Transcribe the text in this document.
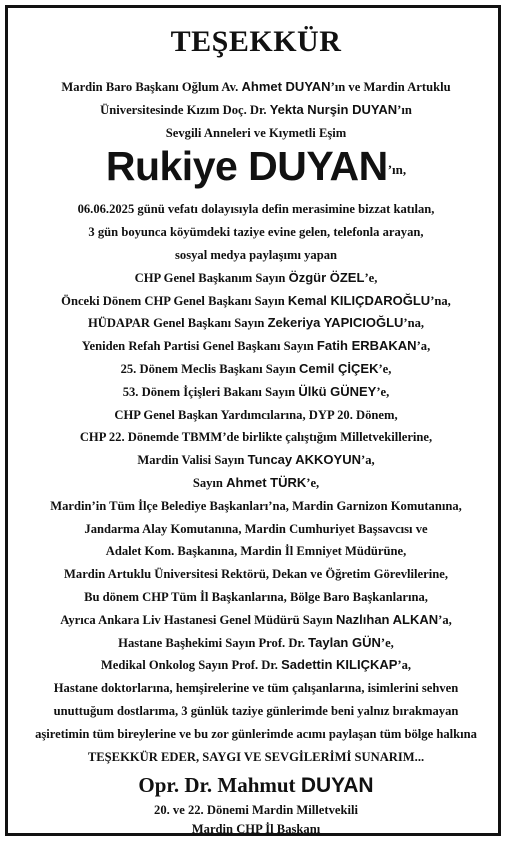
TEŞEKKÜR
Mardin Baro Başkanı Oğlum Av. Ahmet DUYAN’ın ve Mardin Artuklu
Üniversitesinde Kızım Doç. Dr. Yekta Nurşin DUYAN’ın
Sevgili Anneleri ve Kıymetli Eşim
Rukiye $DUYAN^{’ın,}$
06.06.2025 günü vefatı dolayısıyla defin merasimine bizzat katılan,
3 gün boyunca köyümdeki taziye evine gelen, telefonla arayan,
sosyal medya paylaşımı yapan
CHP Genel Başkanım Sayın Özgür ÖZEL’e,
Önceki Dönem CHP Genel Başkanı Sayın Kemal KILIÇDAROĞLU’na,
HÜDAPAR Genel Başkanı Sayın Zekeriya YAPICIOĞLU’na,
Yeniden Refah Partisi Genel Başkanı Sayın Fatih ERBAKAN’a,
25. Dönem Meclis Başkanı Sayın Cemil ÇİÇEK’e,
53. Dönem İçişleri Bakanı Sayın Ülkü GÜNEY’e,
CHP Genel Başkan Yardımcılarına, DYP 20. Dönem,
CHP 22. Dönemde TBMM’de birlikte çalıştığım Milletvekillerine,
Mardin Valisi Sayın Tuncay AKKOYUN’a,
Sayın Ahmet TÜRK’e,
Mardin’in Tüm İlçe Belediye Başkanları’na, Mardin Garnizon Komutanına,
Jandarma Alay Komutanına, Mardin Cumhuriyet Başsavcısı ve
Adalet Kom. Başkanına, Mardin İl Emniyet Müdürüne,
Mardin Artuklu Üniversitesi Rektörü, Dekan ve Öğretim Görevlilerine,
Bu dönem CHP Tüm İl Başkanlarına, Bölge Baro Başkanlarına,
Ayrıca Ankara Liv Hastanesi Genel Müdürü Sayın Nazlıhan ALKAN’a,
Hastane Başhekimi Sayın Prof. Dr. Taylan GÜN’e,
Medikal Onkolog Sayın Prof. Dr. Sadettin KILIÇKAP’a,
Hastane doktorlarına, hemşirelerine ve tüm çalışanlarına, isimlerini sehven
unuttuğum dostlarıma, 3 günlük taziye günlerimde beni yalnız bırakmayan
aşiretimin tüm bireylerine ve bu zor günlerimde acımı paylaşan tüm bölge halkına
TEŞEKKÜR EDER, SAYGI VE SEVGİLERİMİ SUNARIM...
Opr. Dr. Mahmut DUYAN
20. ve 22. Dönemi Mardin Milletvekili
Mardin CHP İl Başkanı
